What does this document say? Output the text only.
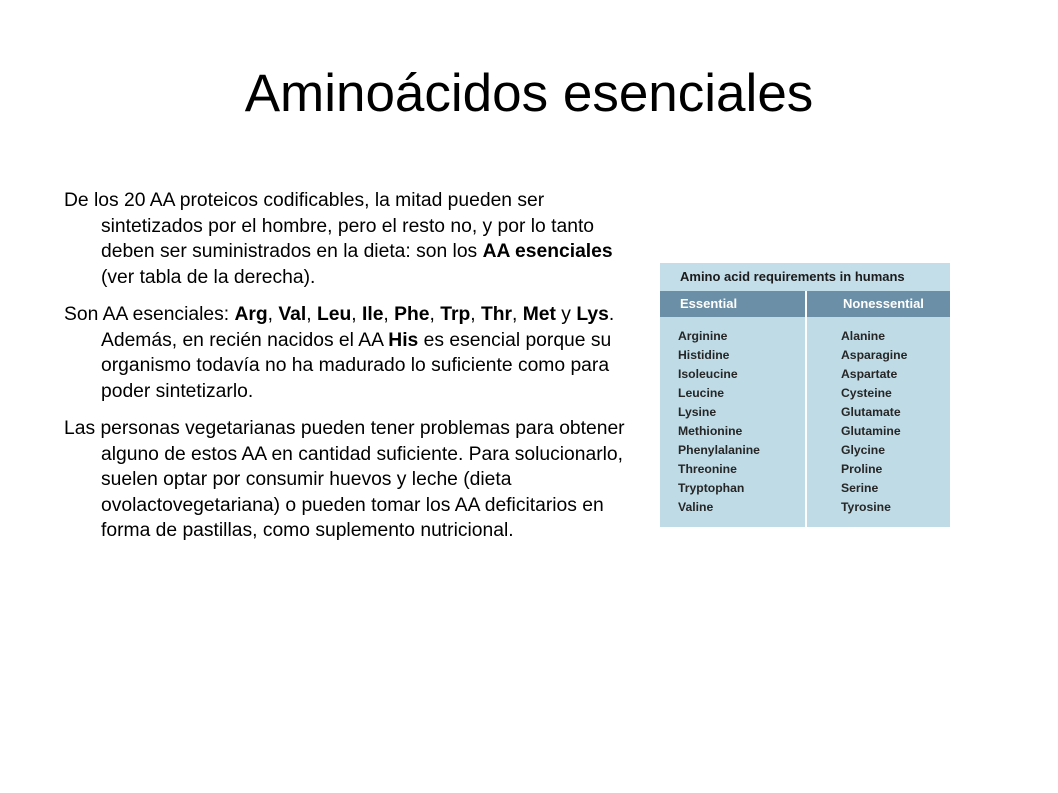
Aminoácidos esenciales

De los 20 AA proteicos codificables, la mitad pueden ser sintetizados por el hombre, pero el resto no, y por lo tanto deben ser suministrados en la dieta: son los AA esenciales (ver tabla de la derecha).

Son AA esenciales: Arg, Val, Leu, Ile, Phe, Trp, Thr, Met y Lys. Además, en recién nacidos el AA His es esencial porque su organismo todavía no ha madurado lo suficiente como para poder sintetizarlo.

Las personas vegetarianas pueden tener problemas para obtener alguno de estos AA en cantidad suficiente. Para solucionarlo, suelen optar por consumir huevos y leche (dieta ovolactovegetariana) o pueden tomar los AA deficitarios en forma de pastillas, como suplemento nutricional.

Amino acid requirements in humans
Essential	Nonessential
Arginine
Histidine
Isoleucine
Leucine
Lysine
Methionine
Phenylalanine
Threonine
Tryptophan
Valine
Alanine
Asparagine
Aspartate
Cysteine
Glutamate
Glutamine
Glycine
Proline
Serine
Tyrosine
